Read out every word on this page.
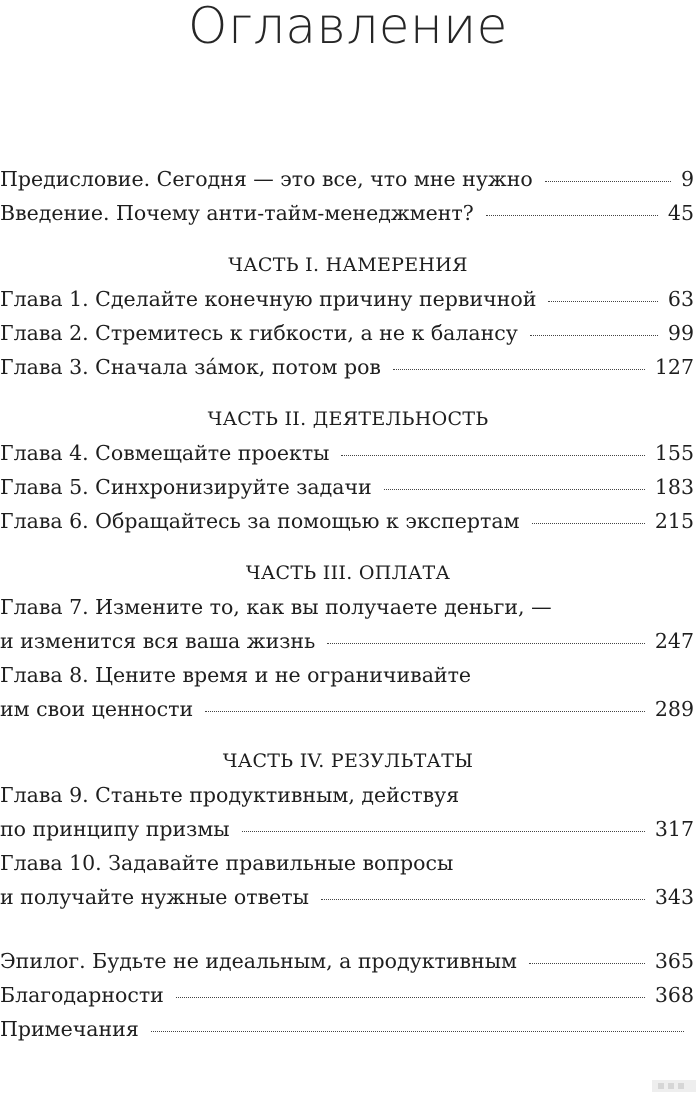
Оглавление
Предисловие. Сегодня — это все, что мне нужно	9
Введение. Почему анти-тайм-менеджмент?	45
ЧАСТЬ I. НАМЕРЕНИЯ
Глава 1. Сделайте конечную причину первичной	63
Глава 2. Стремитесь к гибкости, а не к балансу	99
Глава 3. Сначала за́мок, потом ров	127
ЧАСТЬ II. ДЕЯТЕЛЬНОСТЬ
Глава 4. Совмещайте проекты	155
Глава 5. Синхронизируйте задачи	183
Глава 6. Обращайтесь за помощью к экспертам	215
ЧАСТЬ III. ОПЛАТА
Глава 7. Измените то, как вы получаете деньги, —
и изменится вся ваша жизнь	247
Глава 8. Цените время и не ограничивайте
им свои ценности	289
ЧАСТЬ IV. РЕЗУЛЬТАТЫ
Глава 9. Станьте продуктивным, действуя
по принципу призмы	317
Глава 10. Задавайте правильные вопросы
и получайте нужные ответы	343
Эпилог. Будьте не идеальным, а продуктивным	365
Благодарности	368
Примечания
